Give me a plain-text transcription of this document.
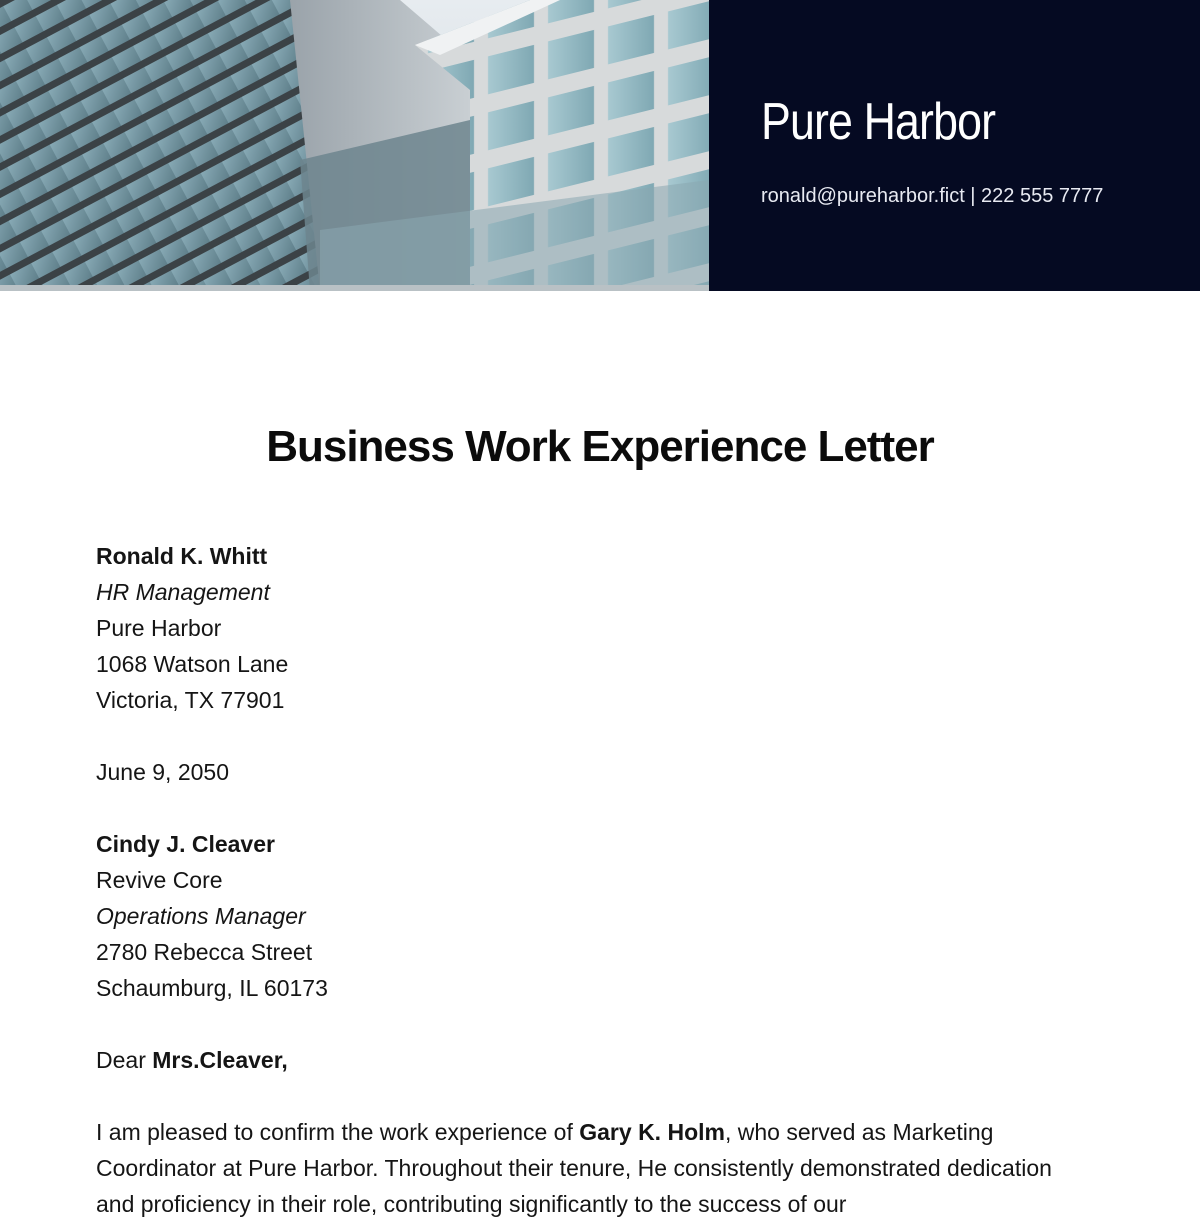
Pure Harbor
ronald@pureharbor.fict | 222 555 7777
Business Work Experience Letter
Ronald K. Whitt
HR Management
Pure Harbor
1068 Watson Lane
Victoria, TX 77901
June 9, 2050
Cindy J. Cleaver
Revive Core
Operations Manager
2780 Rebecca Street
Schaumburg, IL 60173
Dear Mrs.Cleaver,
I am pleased to confirm the work experience of Gary K. Holm, who served as Marketing Coordinator at Pure Harbor. Throughout their tenure, He consistently demonstrated dedication and proficiency in their role, contributing significantly to the success of our
